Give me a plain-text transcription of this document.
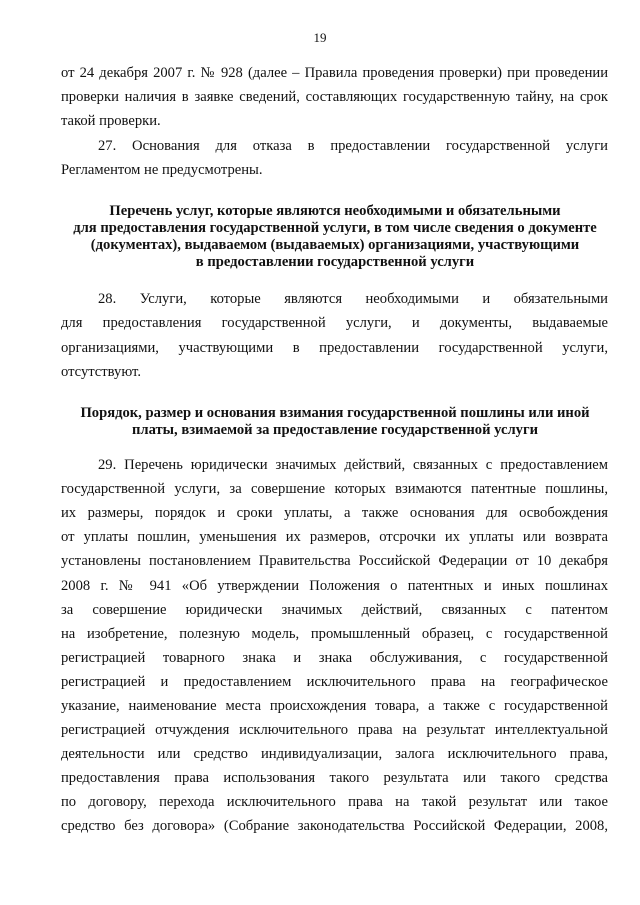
19
от 24 декабря 2007 г. № 928 (далее – Правила проведения проверки) при проведении
проверки наличия в заявке сведений, составляющих государственную тайну, на срок
такой проверки.
27. Основания для отказа в предоставлении государственной услуги
Регламентом не предусмотрены.
Перечень услуг, которые являются необходимыми и обязательными
для предоставления государственной услуги, в том числе сведения о документе
(документах), выдаваемом (выдаваемых) организациями, участвующими
в предоставлении государственной услуги
28. Услуги, которые являются необходимыми и обязательными
для предоставления государственной услуги, и документы, выдаваемые
организациями, участвующими в предоставлении государственной услуги,
отсутствуют.
Порядок, размер и основания взимания государственной пошлины или иной
платы, взимаемой за предоставление государственной услуги
29. Перечень юридически значимых действий, связанных с предоставлением
государственной услуги, за совершение которых взимаются патентные пошлины,
их размеры, порядок и сроки уплаты, а также основания для освобождения
от уплаты пошлин, уменьшения их размеров, отсрочки их уплаты или возврата
установлены постановлением Правительства Российской Федерации от 10 декабря
2008 г. № 941 «Об утверждении Положения о патентных и иных пошлинах
за совершение юридически значимых действий, связанных с патентом
на изобретение, полезную модель, промышленный образец, с государственной
регистрацией товарного знака и знака обслуживания, с государственной
регистрацией и предоставлением исключительного права на географическое
указание, наименование места происхождения товара, а также с государственной
регистрацией отчуждения исключительного права на результат интеллектуальной
деятельности или средство индивидуализации, залога исключительного права,
предоставления права использования такого результата или такого средства
по договору, перехода исключительного права на такой результат или такое
средство без договора» (Собрание законодательства Российской Федерации, 2008,
